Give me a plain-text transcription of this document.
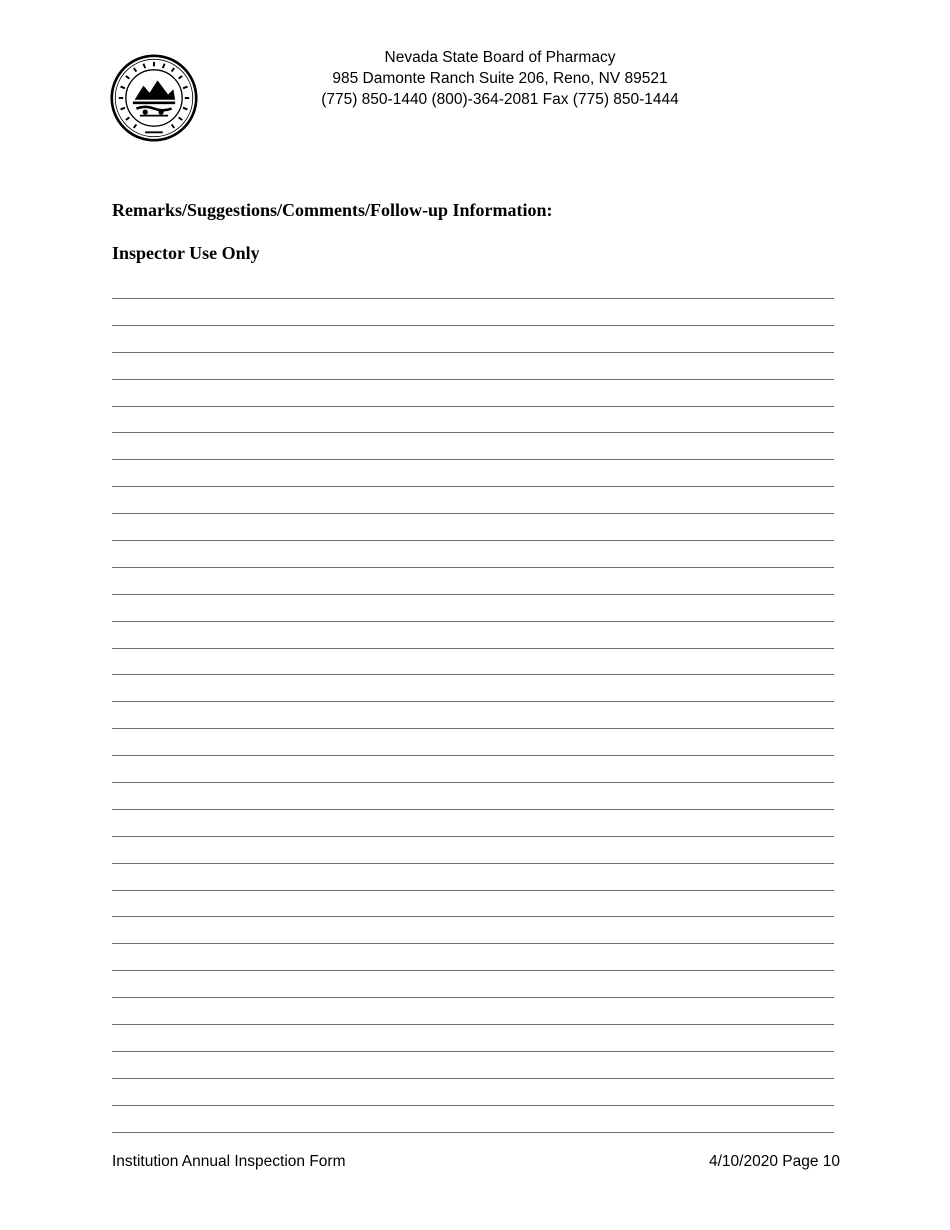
Nevada State Board of Pharmacy
985 Damonte Ranch Suite 206, Reno, NV 89521
(775) 850-1440 (800)-364-2081 Fax (775) 850-1444
Remarks/Suggestions/Comments/Follow-up Information:
Inspector Use Only
Institution Annual Inspection Form	4/10/2020 Page 10
